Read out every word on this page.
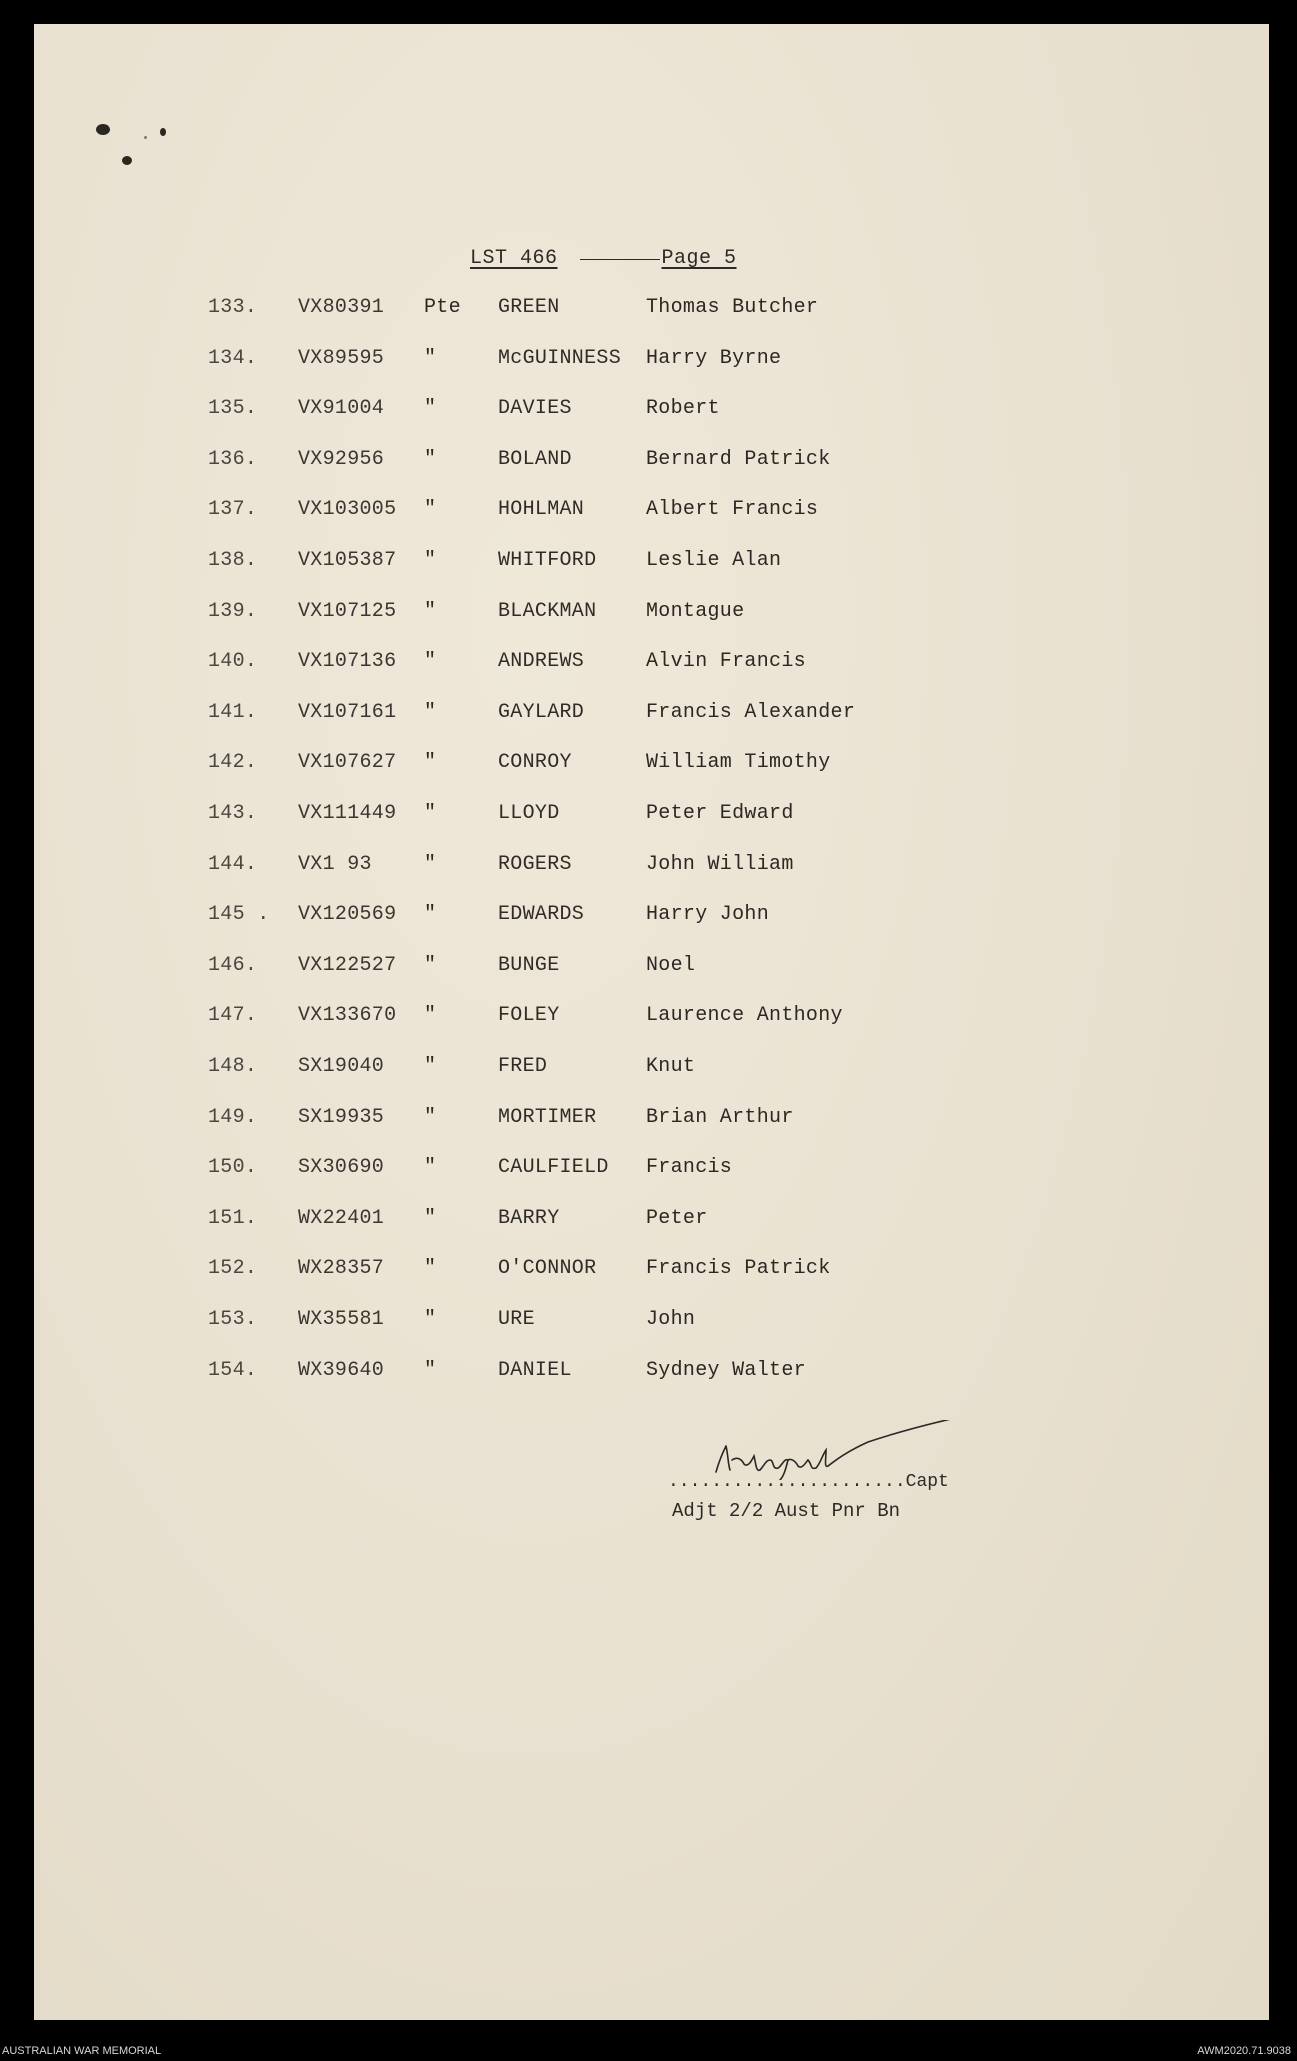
LST 466	Page 5
133. VX80391 Pte GREEN	Thomas Butcher
134. VX89595 "	McGUINNESS Harry Byrne
135. VX91004 "	DAVIES	Robert
136. VX92956 "	BOLAND	Bernard Patrick
137. VX103005 "	HOHLMAN	Albert Francis
138. VX105387 "	WHITFORD Leslie Alan
139. VX107125 "	BLACKMAN Montague
140. VX107136 "	ANDREWS	Alvin Francis
141. VX107161 "	GAYLARD	Francis Alexander
142. VX107627 "	CONROY	William Timothy
143. VX111449 "	LLOYD	Peter Edward
144. VX1 93	"	ROGERS	John William
145 . VX120569 "	EDWARDS	Harry John
146. VX122527 "	BUNGE	Noel
147. VX133670 "	FOLEY	Laurence Anthony
148. SX19040 "	FRED	Knut
149. SX19935 "	MORTIMER Brian Arthur
150. SX30690 "	CAULFIELD Francis
151. WX22401 "	BARRY	Peter
152. WX28357 "	O'CONNOR Francis Patrick
153. WX35581 "	URE	John
154. WX39640 "	DANIEL	Sydney Walter
......................Capt
Adjt 2/2 Aust Pnr Bn
AUSTRALIAN WAR MEMORIAL	AWM2020.71.9038
